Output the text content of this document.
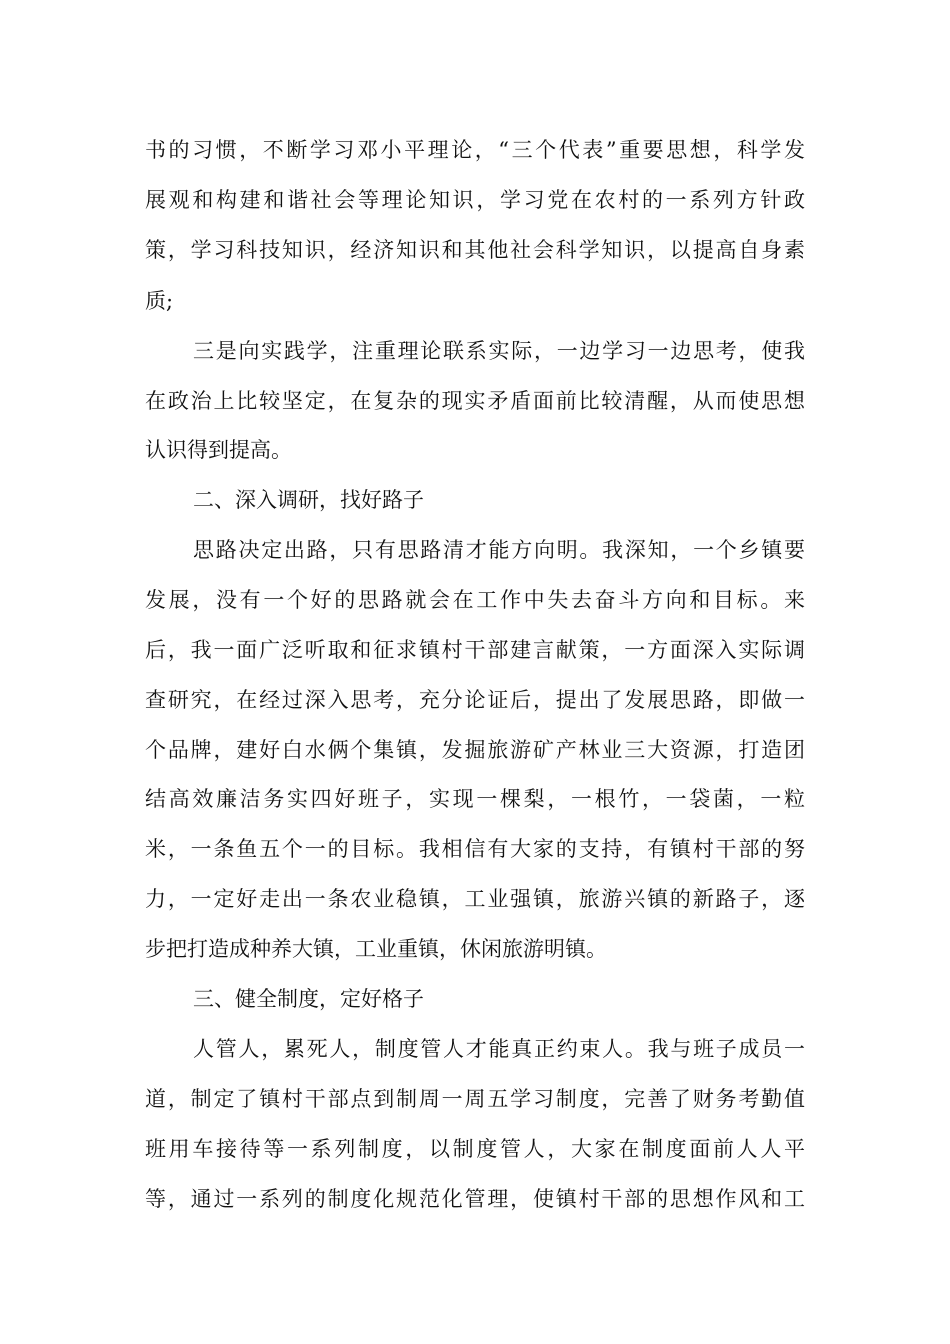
书的习惯，不断学习邓小平理论，“三个代表”重要思想，科学发
展观和构建和谐社会等理论知识，学习党在农村的一系列方针政
策，学习科技知识，经济知识和其他社会科学知识，以提高自身素
质;
三是向实践学，注重理论联系实际，一边学习一边思考，使我
在政治上比较坚定，在复杂的现实矛盾面前比较清醒，从而使思想
认识得到提高。
二、深入调研，找好路子
思路决定出路，只有思路清才能方向明。我深知，一个乡镇要
发展，没有一个好的思路就会在工作中失去奋斗方向和目标。来
后，我一面广泛听取和征求镇村干部建言献策，一方面深入实际调
查研究，在经过深入思考，充分论证后，提出了发展思路，即做一
个品牌，建好白水俩个集镇，发掘旅游矿产林业三大资源，打造团
结高效廉洁务实四好班子，实现一棵梨，一根竹，一袋菌，一粒
米，一条鱼五个一的目标。我相信有大家的支持，有镇村干部的努
力，一定好走出一条农业稳镇，工业强镇，旅游兴镇的新路子，逐
步把打造成种养大镇，工业重镇，休闲旅游明镇。
三、健全制度，定好格子
人管人，累死人，制度管人才能真正约束人。我与班子成员一
道，制定了镇村干部点到制周一周五学习制度，完善了财务考勤值
班用车接待等一系列制度，以制度管人，大家在制度面前人人平
等，通过一系列的制度化规范化管理，使镇村干部的思想作风和工
